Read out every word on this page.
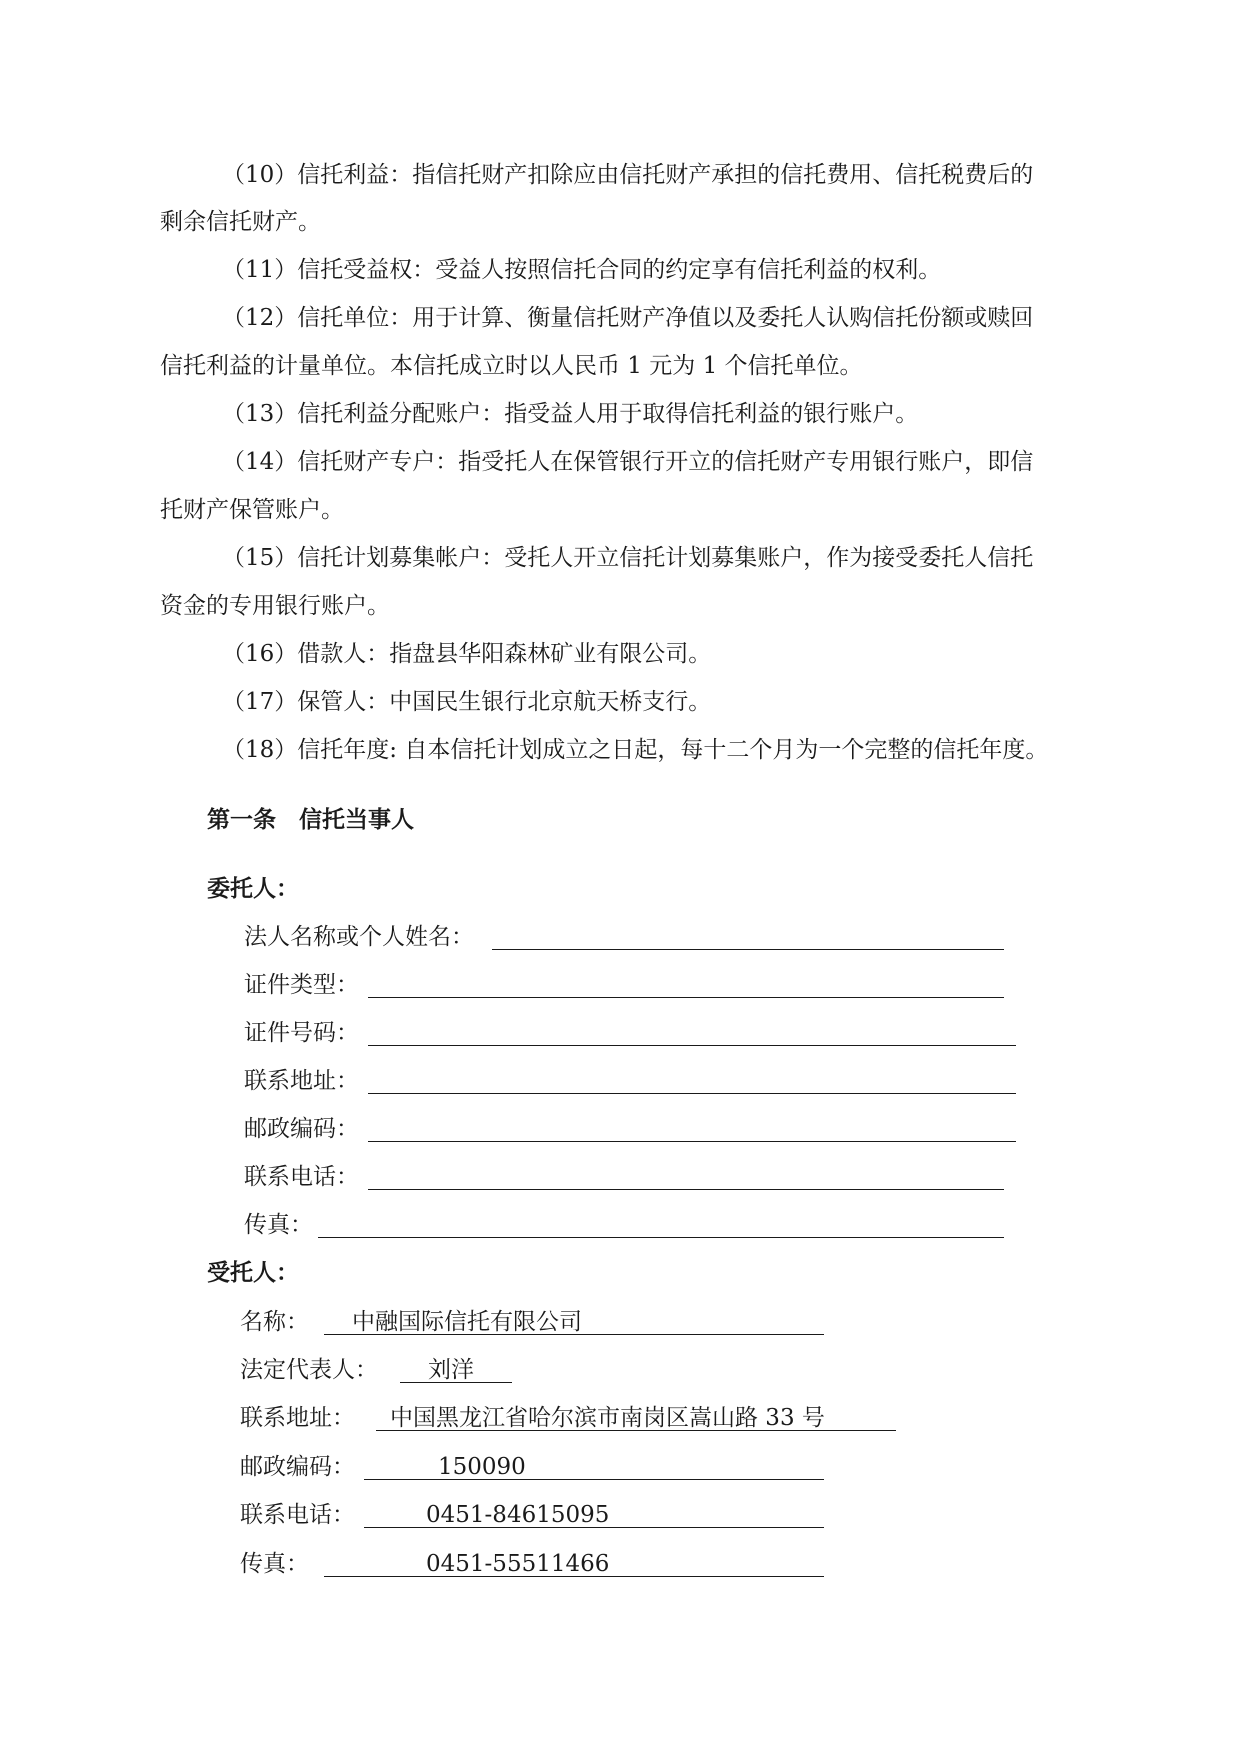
（10）信托利益：指信托财产扣除应由信托财产承担的信托费用、信托税费后的
剩余信托财产。
（11）信托受益权：受益人按照信托合同的约定享有信托利益的权利。
（12）信托单位：用于计算、衡量信托财产净值以及委托人认购信托份额或赎回
信托利益的计量单位。本信托成立时以人民币 1 元为 1 个信托单位。
（13）信托利益分配账户：指受益人用于取得信托利益的银行账户。
（14）信托财产专户：指受托人在保管银行开立的信托财产专用银行账户，即信
托财产保管账户。
（15）信托计划募集帐户：受托人开立信托计划募集账户，作为接受委托人信托
资金的专用银行账户。
（16）借款人：指盘县华阳森林矿业有限公司。
（17）保管人：中国民生银行北京航天桥支行。
（18）信托年度: 自本信托计划成立之日起，每十二个月为一个完整的信托年度。
第一条　信托当事人
委托人：
法人名称或个人姓名：
证件类型：
证件号码：
联系地址：
邮政编码：
联系电话：
传真：
受托人：
名称： 中融国际信托有限公司
法定代表人： 刘洋
联系地址： 中国黑龙江省哈尔滨市南岗区嵩山路 33 号
邮政编码：	150090
联系电话：	0451-84615095
传真：	0451-55511466
